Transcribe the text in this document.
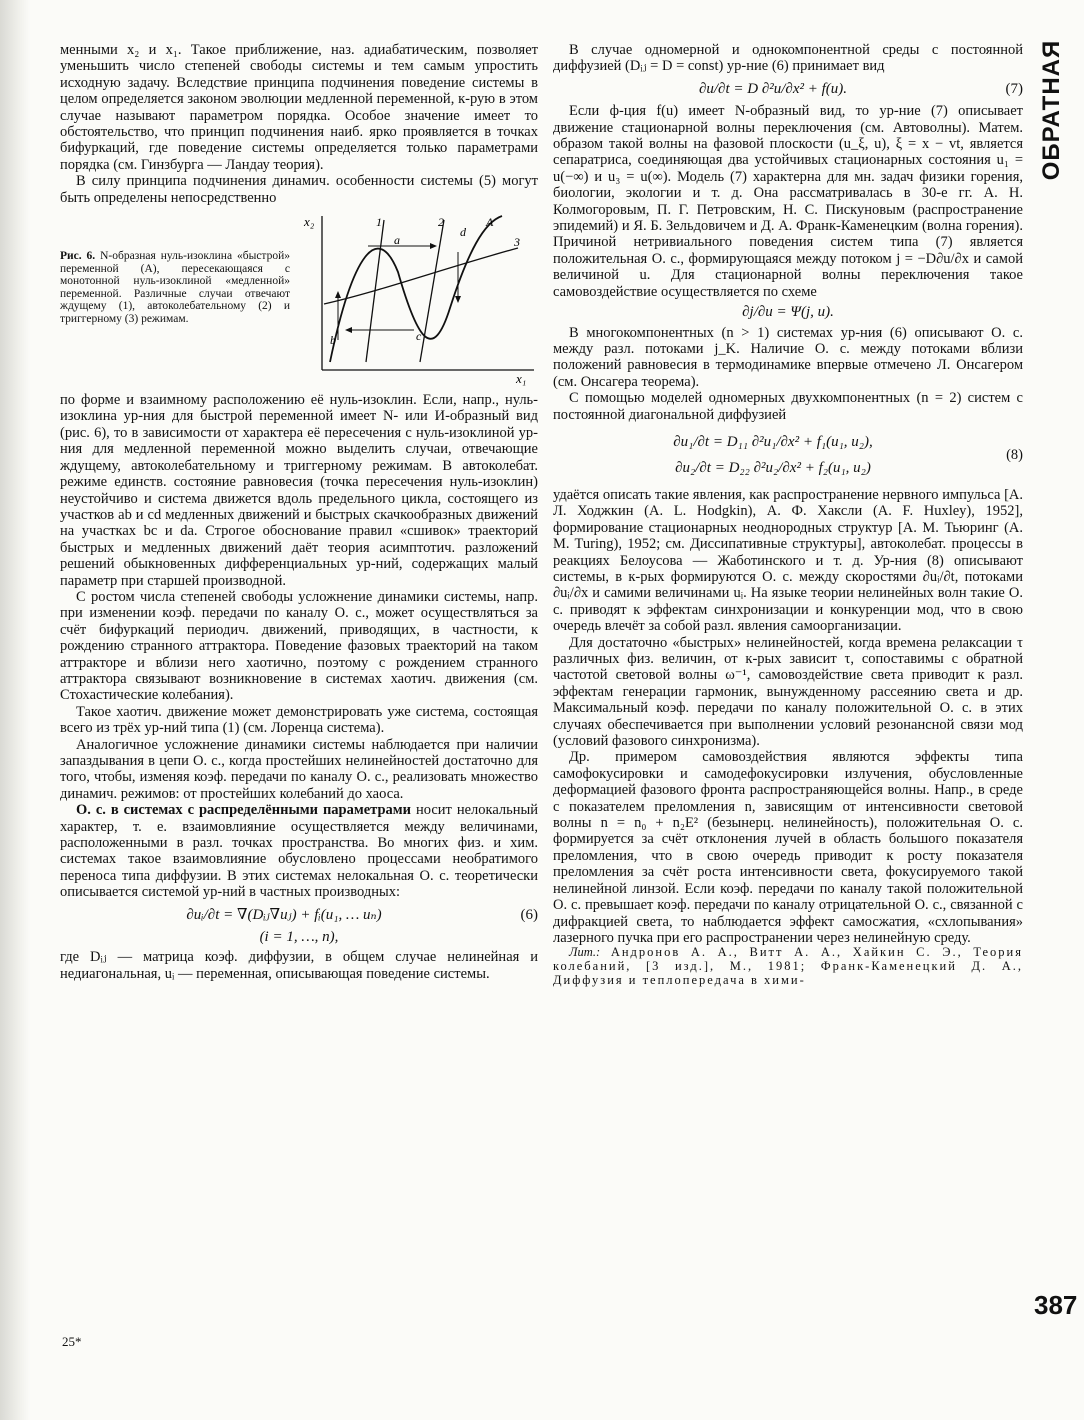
ОБРАТНАЯ

менными x₂ и x₁. Такое приближение, наз. адиабатическим, позволяет уменьшить число степеней свободы системы и тем самым упростить исходную задачу. Вследствие принципа подчинения поведение системы в целом определяется законом эволюции медленной переменной, к-рую в этом случае называют параметром порядка. Особое значение имеет то обстоятельство, что принцип подчинения наиб. ярко проявляется в точках бифуркаций, где поведение системы определяется только параметрами порядка (см. Гинзбурга — Ландау теория).

В силу принципа подчинения динамич. особенности системы (5) могут быть определены непосредственно

Рис. 6. N-образная нуль-изоклина «быстрой» переменной (A), пересекающаяся с монотонной нуль-изоклиной «медленной» переменной. Различные случаи отвечают ждущему (1), автоколебательному (2) и триггерному (3) режимам.
x₂
x₁
1	2
3
A
a
b	c
d

по форме и взаимному расположению её нуль-изоклин. Если, напр., нуль-изоклина ур-ния для быстрой переменной имеет N- или И-образный вид (рис. 6), то в зависимости от характера её пересечения с нуль-изоклиной ур-ния для медленной переменной можно выделить случаи, отвечающие ждущему, автоколебательному и триггерному режимам. В автоколебат. режиме единств. состояние равновесия (точка пересечения нуль-изоклин) неустойчиво и система движется вдоль предельного цикла, состоящего из участков ab и cd медленных движений и быстрых скачкообразных движений на участках bc и da. Строгое обоснование правил «сшивок» траекторий быстрых и медленных движений даёт теория асимптотич. разложений решений обыкновенных дифференциальных ур-ний, содержащих малый параметр при старшей производной.

С ростом числа степеней свободы усложнение динамики системы, напр. при изменении коэф. передачи по каналу О. с., может осуществляться за счёт бифуркаций периодич. движений, приводящих, в частности, к рождению странного аттрактора. Поведение фазовых траекторий на таком аттракторе и вблизи него хаотично, поэтому с рождением странного аттрактора связывают возникновение в системах хаотич. движения (см. Стохастические колебания).

Такое хаотич. движение может демонстрировать уже система, состоящая всего из трёх ур-ний типа (1) (см. Лоренца система).

Аналогичное усложнение динамики системы наблюдается при наличии запаздывания в цепи О. с., когда простейших нелинейностей достаточно для того, чтобы, изменяя коэф. передачи по каналу О. с., реализовать множество динамич. режимов: от простейших колебаний до хаоса.

О. с. в системах с распределёнными параметрами носит нелокальный характер, т. е. взаимовлияние осуществляется между величинами, расположенными в разл. точках пространства. Во многих физ. и хим. системах такое взаимовлияние обусловлено процессами необратимого переноса типа диффузии. В этих системах нелокальная О. с. теоретически описывается системой ур-ний в частных производных:

∂uᵢ/∂t = ∇(Dᵢⱼ∇uⱼ) + fᵢ(u₁, … uₙ)	(6)
(i = 1, …, n),

где Dᵢⱼ — матрица коэф. диффузии, в общем случае нелинейная и недиагональная, uᵢ — переменная, описывающая поведение системы.

В случае одномерной и однокомпонентной среды с постоянной диффузией (Dᵢⱼ = D = const) ур-ние (6) принимает вид

∂u/∂t = D ∂²u/∂x² + f(u).	(7)

Если ф-ция f(u) имеет N-образный вид, то ур-ние (7) описывает движение стационарной волны переключения (см. Автоволны). Матем. образом такой волны на фазовой плоскости (u_ξ, u), ξ = x − vt, является сепаратриса, соединяющая два устойчивых стационарных состояния u₁ = u(−∞) и u₃ = u(∞). Модель (7) характерна для мн. задач физики горения, биологии, экологии и т. д. Она рассматривалась в 30-е гг. А. Н. Колмогоровым, П. Г. Петровским, Н. С. Пискуновым (распространение эпидемий) и Я. Б. Зельдовичем и Д. А. Франк-Каменецким (волна горения). Причиной нетривиального поведения систем типа (7) является положительная О. с., формирующаяся между потоком j = −D∂u/∂x и самой величиной u. Для стационарной волны переключения такое самовоздействие осуществляется по схеме

∂j/∂u = Ψ(j, u).

В многокомпонентных (n > 1) системах ур-ния (6) описывают О. с. между разл. потоками j_K. Наличие О. с. между потоками вблизи положений равновесия в термодинамике впервые отмечено Л. Онсагером (см. Онсагера теорема).

С помощью моделей одномерных двухкомпонентных (n = 2) систем с постоянной диагональной диффузией

∂u₁/∂t = D₁₁ ∂²u₁/∂x² + f₁(u₁, u₂),
∂u₂/∂t = D₂₂ ∂²u₂/∂x² + f₂(u₁, u₂)
(8)

удаётся описать такие явления, как распространение нервного импульса [А. Л. Ходжкин (A. L. Hodgkin), А. Ф. Хаксли (A. F. Huxley), 1952], формирование стационарных неоднородных структур [А. М. Тьюринг (A. M. Turing), 1952; см. Диссипативные структуры], автоколебат. процессы в реакциях Белоусова — Жаботинского и т. д. Ур-ния (8) описывают системы, в к-рых формируются О. с. между скоростями ∂uᵢ/∂t, потоками ∂uᵢ/∂x и самими величинами uᵢ. На языке теории нелинейных волн такие О. с. приводят к эффектам синхронизации и конкуренции мод, что в свою очередь влечёт за собой разл. явления самоорганизации.

Для достаточно «быстрых» нелинейностей, когда времена релаксации τ различных физ. величин, от к-рых зависит τ, сопоставимы с обратной частотой световой волны ω⁻¹, самовоздействие света приводит к разл. эффектам генерации гармоник, вынужденному рассеянию света и др. Максимальный коэф. передачи по каналу положительной О. с. в этих случаях обеспечивается при выполнении условий резонансной связи мод (условий фазового синхронизма).

Др. примером самовоздействия являются эффекты типа самофокусировки и самодефокусировки излучения, обусловленные деформацией фазового фронта распространяющейся волны. Напр., в среде с показателем преломления n, зависящим от интенсивности световой волны n = n₀ + n₂E² (безынерц. нелинейность), положительная О. с. формируется за счёт отклонения лучей в область большого показателя преломления, что в свою очередь приводит к росту показателя преломления за счёт роста интенсивности света, фокусируемого такой нелинейной линзой. Если коэф. передачи по каналу такой положительной О. с. превышает коэф. передачи по каналу отрицательной О. с., связанной с дифракцией света, то наблюдается эффект самосжатия, «схлопывания» лазерного пучка при его распространении через нелинейную среду.

Лит.: Андронов А. А., Витт А. А., Хайкин С. Э., Теория колебаний, [3 изд.], М., 1981; Франк-Каменецкий Д. А., Диффузия и теплопередача в хими-

387
25*
